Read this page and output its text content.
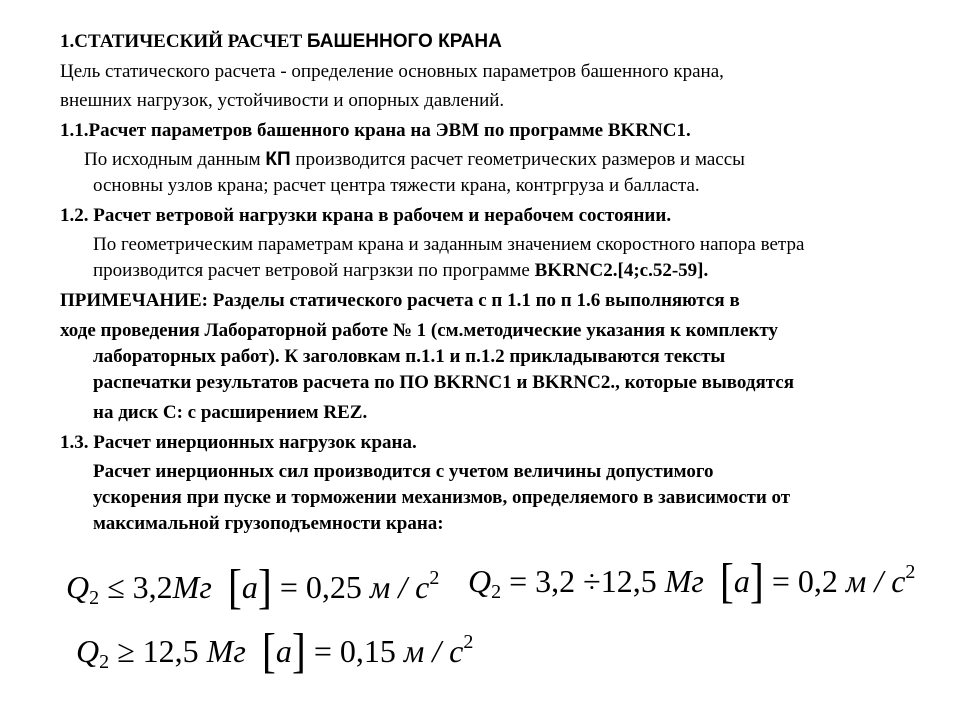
1.СТАТИЧЕСКИЙ РАСЧЕТ БАШЕННОГО КРАНА
Цель статического расчета - определение основных параметров башенного крана,
внешних нагрузок, устойчивости и опорных давлений.
1.1.Расчет параметров башенного крана на ЭВМ по программе BKRNC1.
По исходным данным КП производится расчет геометрических размеров и массы
основны узлов крана; расчет центра тяжести крана, контргруза и балласта.
1.2. Расчет ветровой нагрузки крана в рабочем и нерабочем состоянии.
По геометрическим параметрам крана и заданным значением скоростного напора ветра
производится расчет ветровой нагрзкзи по программе BKRNC2.[4;с.52-59].
ПРИМЕЧАНИЕ: Разделы статического расчета с п 1.1 по п 1.6 выполняются в
ходе проведения Лабораторной работе № 1 (см.методические указания к комплекту
лабораторных работ). К заголовкам п.1.1 и п.1.2 прикладываются тексты
распечатки результатов расчета по ПО BKRNC1 и BKRNC2., которые выводятся
на диск С: с расширением REZ.
1.3. Расчет инерционных нагрузок крана.
Расчет инерционных сил производится с учетом величины допустимого
ускорения при пуске и торможении механизмов, определяемого в зависимости от
максимальной грузоподъемности крана:
$Q_2 \le 3,2Мг$ [a] = 0,25 м / $с^2$ $Q_2 = 3,2 \div 12,5$ Мг [a] = 0,2 м / $с^2$
$Q_2 \ge 12,5$ Мг [a] = 0,15 м / $с^2$
